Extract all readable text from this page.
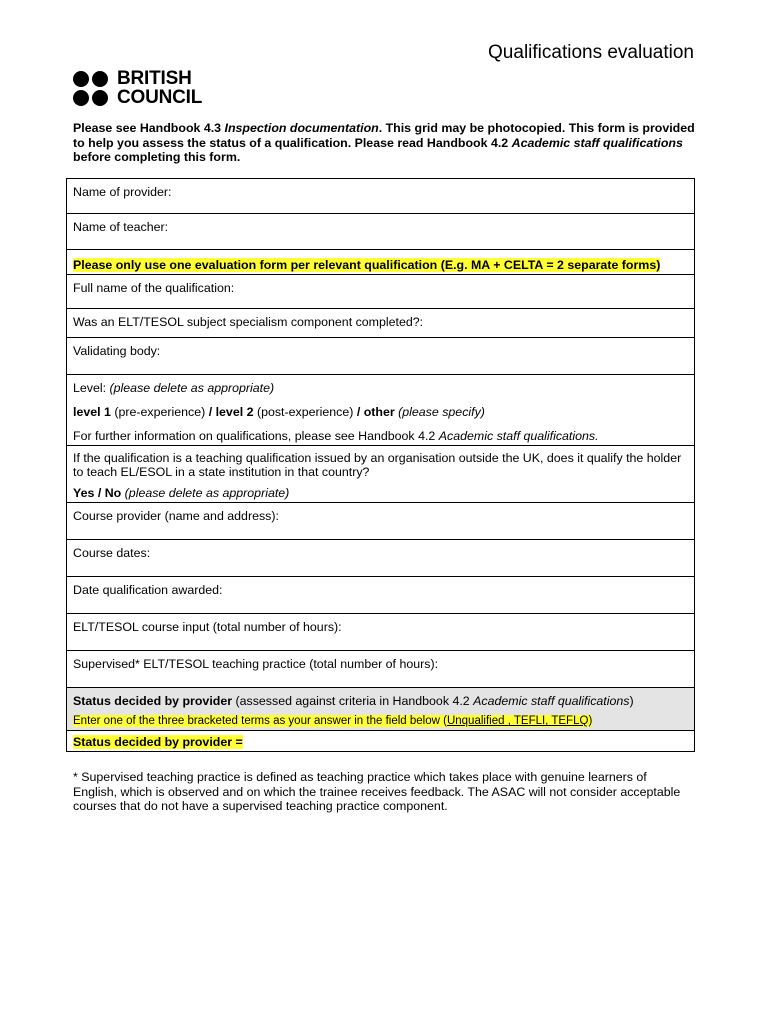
Qualifications evaluation
BRITISH
COUNCIL
Please see Handbook 4.3 Inspection documentation. This grid may be photocopied. This form is provided to help you assess the status of a qualification. Please read Handbook 4.2 Academic staff qualifications before completing this form.
Name of provider:
Name of teacher:
Please only use one evaluation form per relevant qualification (E.g. MA + CELTA = 2 separate forms)
Full name of the qualification:
Was an ELT/TESOL subject specialism component completed?:
Validating body:

Level: (please delete as appropriate)
level 1 (pre-experience) / level 2 (post-experience) / other (please specify)
For further information on qualifications, please see Handbook 4.2 Academic staff qualifications.

If the qualification is a teaching qualification issued by an organisation outside the UK, does it qualify the holder to teach EL/ESOL in a state institution in that country?
Yes / No (please delete as appropriate)

Course provider (name and address):
Course dates:
Date qualification awarded:
ELT/TESOL course input (total number of hours):
Supervised* ELT/TESOL teaching practice (total number of hours):

Status decided by provider (assessed against criteria in Handbook 4.2 Academic staff qualifications)
Enter one of the three bracketed terms as your answer in the field below (Unqualified , TEFLI, TEFLQ)

Status decided by provider =
* Supervised teaching practice is defined as teaching practice which takes place with genuine learners of English, which is observed and on which the trainee receives feedback. The ASAC will not consider acceptable courses that do not have a supervised teaching practice component.
